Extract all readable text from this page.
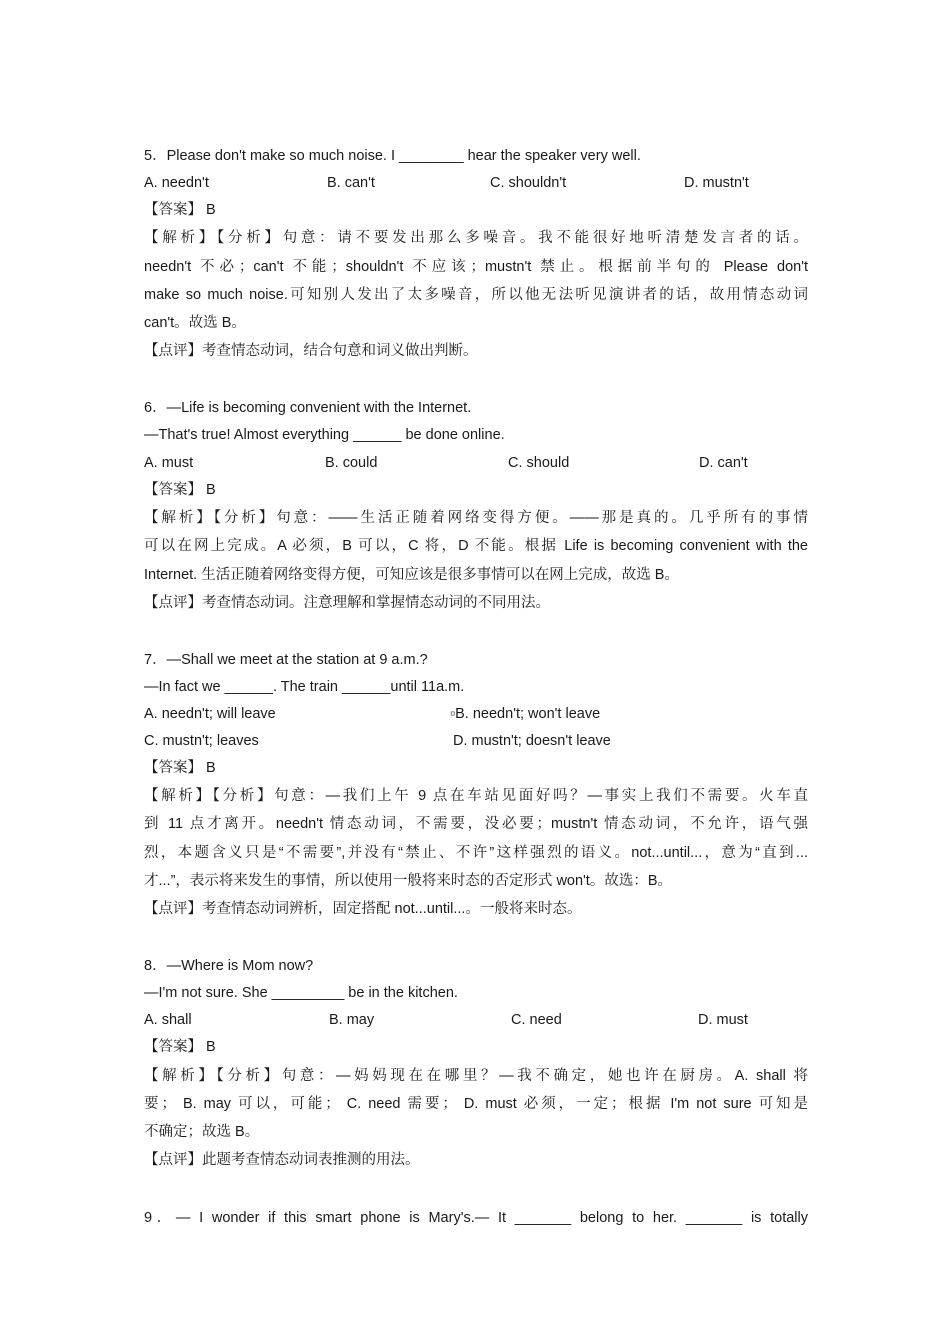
5．Please don't make so much noise. I ________ hear the speaker very well.
A. needn't	B. can't	C. shouldn't	D. mustn't
【答案】 B
【解析】【分析】句意：请不要发出那么多噪音。我不能很好地听清楚发言者的话。
needn't 不必；can't 不能；shouldn't 不应该；mustn't 禁止。根据前半句的 Please don't
make so much noise.可知别人发出了太多噪音，所以他无法听见演讲者的话，故用情态动词
can't。故选 B。
【点评】考查情态动词，结合句意和词义做出判断。
6．—Life is becoming convenient with the Internet.
—That's true! Almost everything ______ be done online.
A. must	B. could	C. should	D. can't
【答案】 B
【解析】【分析】句意：——生活正随着网络变得方便。——那是真的。几乎所有的事情
可以在网上完成。A 必须，B 可以，C 将，D 不能。根据 Life is becoming convenient with the
Internet. 生活正随着网络变得方便，可知应该是很多事情可以在网上完成，故选 B。
【点评】考查情态动词。注意理解和掌握情态动词的不同用法。
7．—Shall we meet at the station at 9 a.m.?
—In fact we ______. The train ______until 11a.m.
A. needn't; will leave	▫B. needn't; won't leave
C. mustn't; leaves	D. mustn't; doesn't leave
【答案】 B
【解析】【分析】句意：—我们上午 9 点在车站见面好吗？—事实上我们不需要。火车直
到 11 点才离开。needn't 情态动词，不需要，没必要；mustn't 情态动词，不允许，语气强
烈，本题含义只是“不需要”,并没有“禁止、不许”这样强烈的语义。not...until...，意为“直到...
才...”，表示将来发生的事情，所以使用一般将来时态的否定形式 won't。故选：B。
【点评】考查情态动词辨析，固定搭配 not...until...。一般将来时态。
8．—Where is Mom now?
—I'm not sure. She _________ be in the kitchen.
A. shall	B. may	C. need	D. must
【答案】 B
【解析】【分析】句意：—妈妈现在在哪里？—我不确定，她也许在厨房。A. shall 将
要； B. may 可以，可能； C. need 需要； D. must 必须，一定；根据 I'm not sure 可知是
不确定；故选 B。
【点评】此题考查情态动词表推测的用法。
9．— I wonder if this smart phone is Mary's.— It _______ belong to her. _______ is totally
